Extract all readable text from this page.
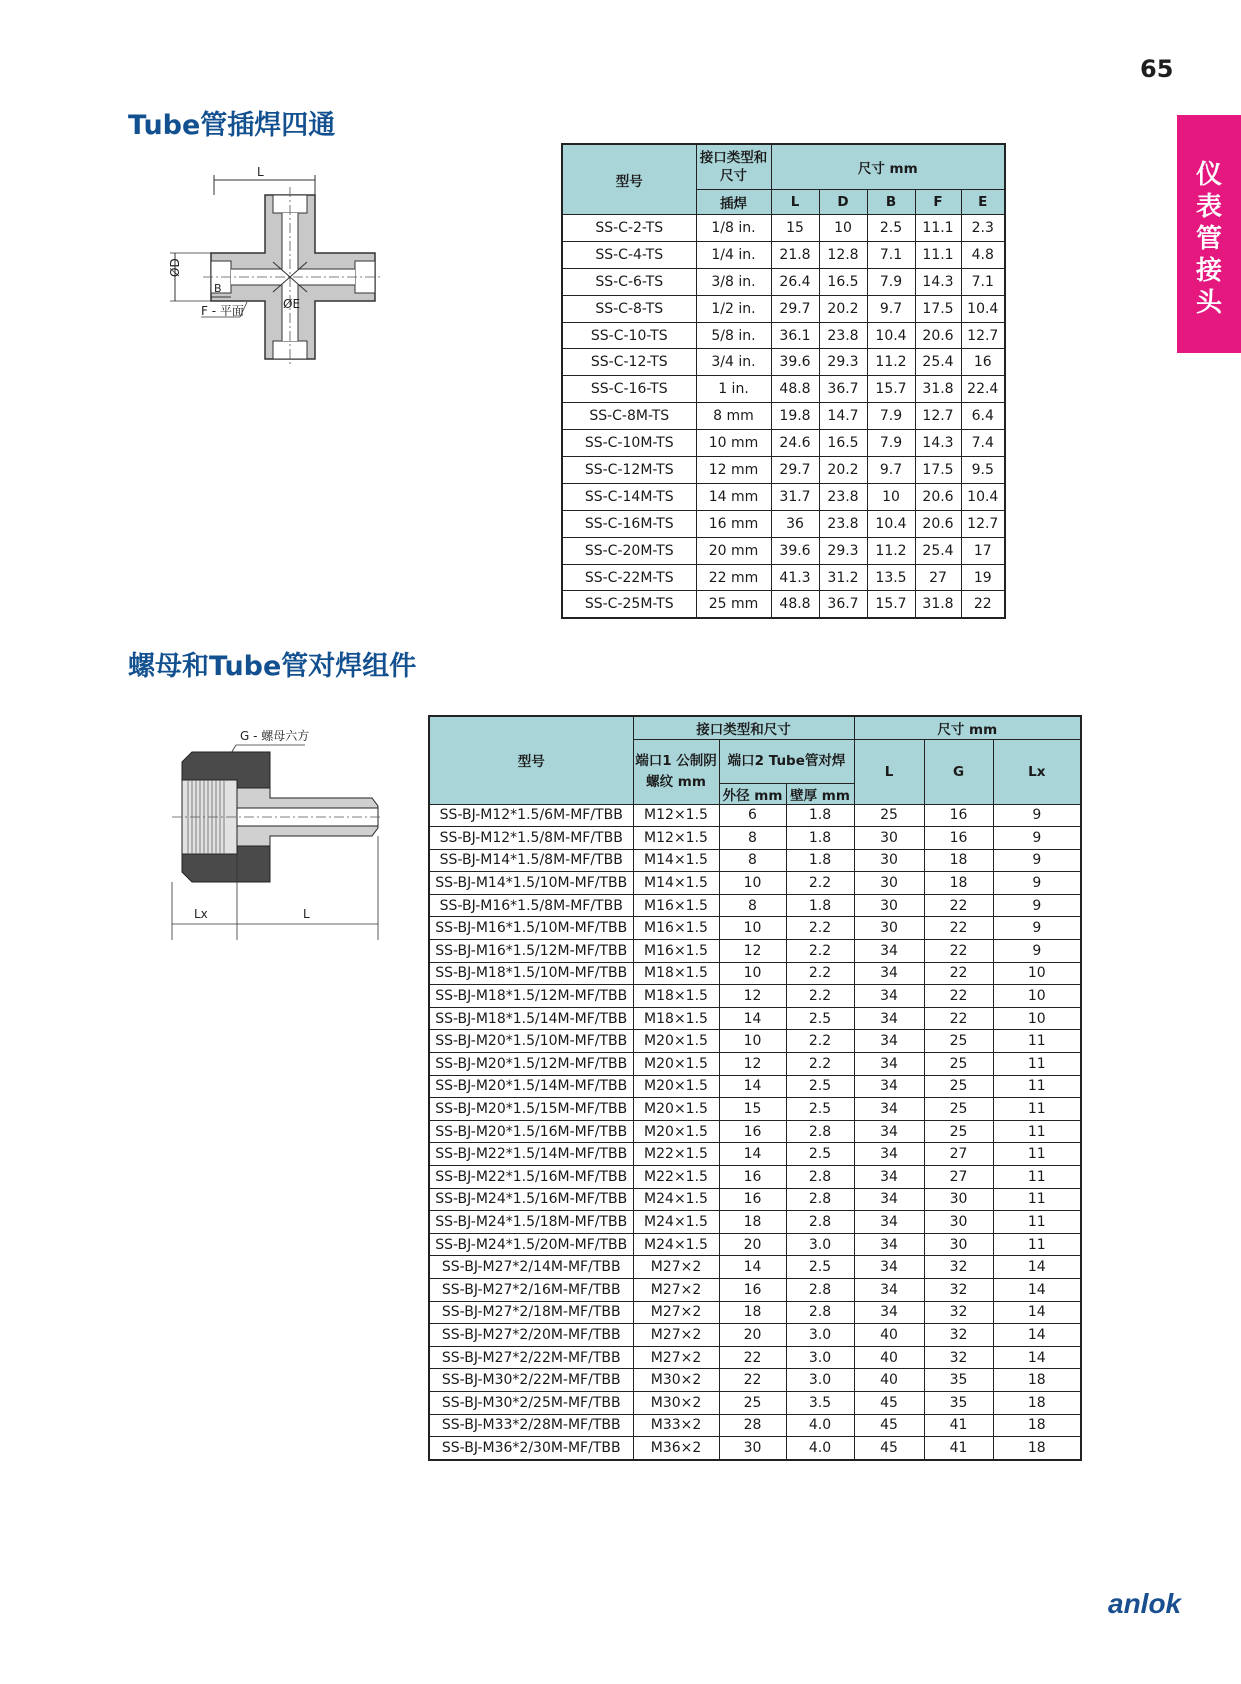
65
仪
表
管
接
头
Tube管插焊四通
L
ØD
B
ØE
F - 平面
型号	接口类型和尺寸	尺寸 mm				
	插焊	L	D	B	F	E
SS-C-2-TS	1/8 in.	15	10	2.5	11.1	2.3
SS-C-4-TS	1/4 in.	21.8	12.8	7.1	11.1	4.8
SS-C-6-TS	3/8 in.	26.4	16.5	7.9	14.3	7.1
SS-C-8-TS	1/2 in.	29.7	20.2	9.7	17.5	10.4
SS-C-10-TS	5/8 in.	36.1	23.8	10.4	20.6	12.7
SS-C-12-TS	3/4 in.	39.6	29.3	11.2	25.4	16
SS-C-16-TS	1 in.	48.8	36.7	15.7	31.8	22.4
SS-C-8M-TS	8 mm	19.8	14.7	7.9	12.7	6.4
SS-C-10M-TS	10 mm	24.6	16.5	7.9	14.3	7.4
SS-C-12M-TS	12 mm	29.7	20.2	9.7	17.5	9.5
SS-C-14M-TS	14 mm	31.7	23.8	10	20.6	10.4
SS-C-16M-TS	16 mm	36	23.8	10.4	20.6	12.7
SS-C-20M-TS	20 mm	39.6	29.3	11.2	25.4	17
SS-C-22M-TS	22 mm	41.3	31.2	13.5	27	19
SS-C-25M-TS	25 mm	48.8	36.7	15.7	31.8	22
螺母和Tube管对焊组件
G - 螺母六方
Lx	L
型号	接口类型和尺寸			尺寸 mm		
	端口1 公制阴螺纹 mm	端口2 Tube管对焊		L	G	Lx
		外径 mm	壁厚 mm			
SS-BJ-M12*1.5/6M-MF/TBB	M12×1.5	6	1.8	25	16	9
SS-BJ-M12*1.5/8M-MF/TBB	M12×1.5	8	1.8	30	16	9
SS-BJ-M14*1.5/8M-MF/TBB	M14×1.5	8	1.8	30	18	9
SS-BJ-M14*1.5/10M-MF/TBB	M14×1.5	10	2.2	30	18	9
SS-BJ-M16*1.5/8M-MF/TBB	M16×1.5	8	1.8	30	22	9
SS-BJ-M16*1.5/10M-MF/TBB	M16×1.5	10	2.2	30	22	9
SS-BJ-M16*1.5/12M-MF/TBB	M16×1.5	12	2.2	34	22	9
SS-BJ-M18*1.5/10M-MF/TBB	M18×1.5	10	2.2	34	22	10
SS-BJ-M18*1.5/12M-MF/TBB	M18×1.5	12	2.2	34	22	10
SS-BJ-M18*1.5/14M-MF/TBB	M18×1.5	14	2.5	34	22	10
SS-BJ-M20*1.5/10M-MF/TBB	M20×1.5	10	2.2	34	25	11
SS-BJ-M20*1.5/12M-MF/TBB	M20×1.5	12	2.2	34	25	11
SS-BJ-M20*1.5/14M-MF/TBB	M20×1.5	14	2.5	34	25	11
SS-BJ-M20*1.5/15M-MF/TBB	M20×1.5	15	2.5	34	25	11
SS-BJ-M20*1.5/16M-MF/TBB	M20×1.5	16	2.8	34	25	11
SS-BJ-M22*1.5/14M-MF/TBB	M22×1.5	14	2.5	34	27	11
SS-BJ-M22*1.5/16M-MF/TBB	M22×1.5	16	2.8	34	27	11
SS-BJ-M24*1.5/16M-MF/TBB	M24×1.5	16	2.8	34	30	11
SS-BJ-M24*1.5/18M-MF/TBB	M24×1.5	18	2.8	34	30	11
SS-BJ-M24*1.5/20M-MF/TBB	M24×1.5	20	3.0	34	30	11
SS-BJ-M27*2/14M-MF/TBB	M27×2	14	2.5	34	32	14
SS-BJ-M27*2/16M-MF/TBB	M27×2	16	2.8	34	32	14
SS-BJ-M27*2/18M-MF/TBB	M27×2	18	2.8	34	32	14
SS-BJ-M27*2/20M-MF/TBB	M27×2	20	3.0	40	32	14
SS-BJ-M27*2/22M-MF/TBB	M27×2	22	3.0	40	32	14
SS-BJ-M30*2/22M-MF/TBB	M30×2	22	3.0	40	35	18
SS-BJ-M30*2/25M-MF/TBB	M30×2	25	3.5	45	35	18
SS-BJ-M33*2/28M-MF/TBB	M33×2	28	4.0	45	41	18
SS-BJ-M36*2/30M-MF/TBB	M36×2	30	4.0	45	41	18
anlok
